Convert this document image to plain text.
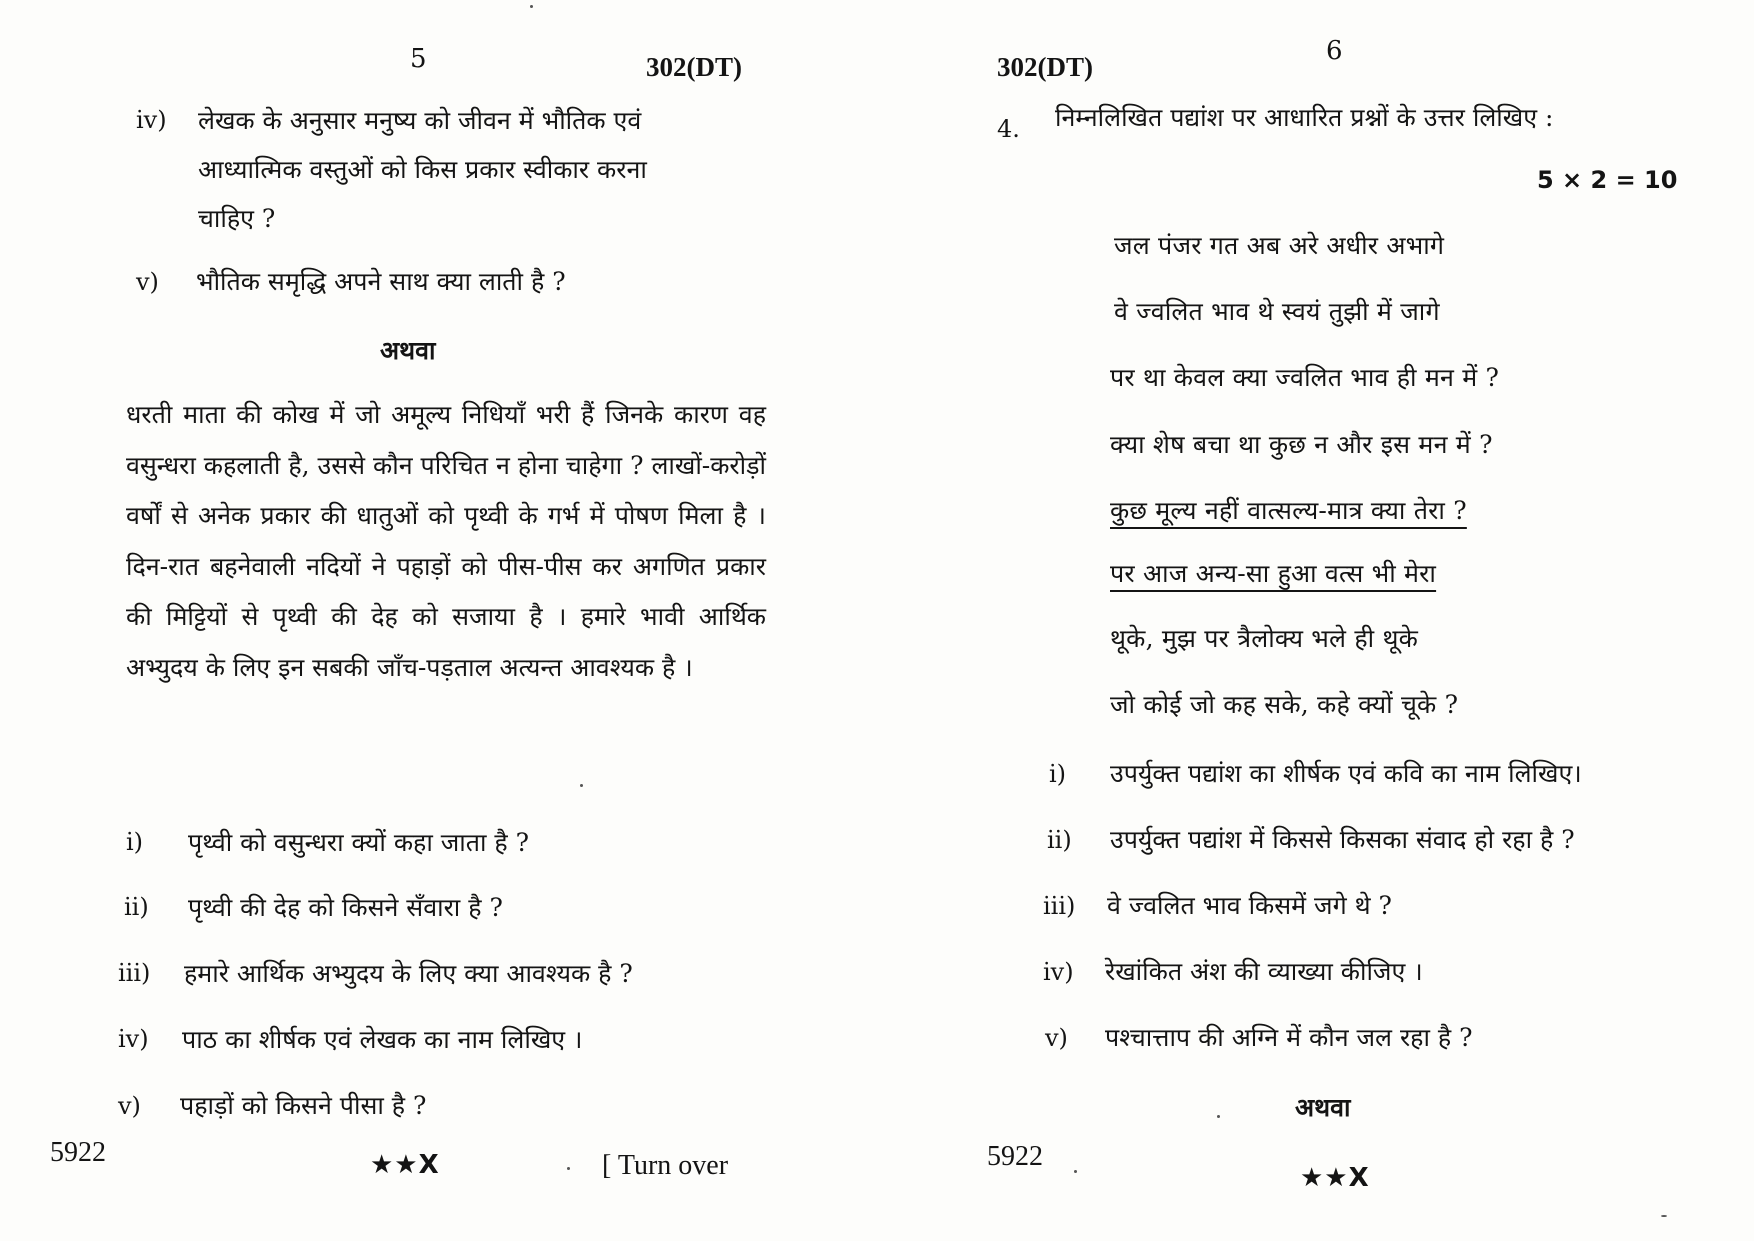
5	302(DT)
iv) लेखक के अनुसार मनुष्य को जीवन में भौतिक एवं
आध्यात्मिक वस्तुओं को किस प्रकार स्वीकार करना
चाहिए ?
v) भौतिक समृद्धि अपने साथ क्या लाती है ?
अथवा
धरती माता की कोख में जो अमूल्य निधियाँ भरी हैं जिनके कारण वह वसुन्धरा कहलाती है, उससे कौन परिचित न होना चाहेगा ? लाखों-करोड़ों वर्षों से अनेक प्रकार की धातुओं को पृथ्वी के गर्भ में पोषण मिला है । दिन-रात बहनेवाली नदियों ने पहाड़ों को पीस-पीस कर अगणित प्रकार की मिट्टियों से पृथ्वी की देह को सजाया है । हमारे भावी आर्थिक अभ्युदय के लिए इन सबकी जाँच-पड़ताल अत्यन्त आवश्यक है ।
i) पृथ्वी को वसुन्धरा क्यों कहा जाता है ?
ii) पृथ्वी की देह को किसने सँवारा है ?
iii) हमारे आर्थिक अभ्युदय के लिए क्या आवश्यक है ?
iv) पाठ का शीर्षक एवं लेखक का नाम लिखिए ।
v) पहाड़ों को किसने पीसा है ?
5922	★★X	[ Turn over
302(DT)
6
4. निम्नलिखित पद्यांश पर आधारित प्रश्नों के उत्तर लिखिए :
5 × 2 = 10
जल पंजर गत अब अरे अधीर अभागे
वे ज्वलित भाव थे स्वयं तुझी में जागे
पर था केवल क्या ज्वलित भाव ही मन में ?
क्या शेष बचा था कुछ न और इस मन में ?
कुछ मूल्य नहीं वात्सल्य-मात्र क्या तेरा ?
पर आज अन्य-सा हुआ वत्स भी मेरा
थूके, मुझ पर त्रैलोक्य भले ही थूके
जो कोई जो कह सके, कहे क्यों चूके ?
i) उपर्युक्त पद्यांश का शीर्षक एवं कवि का नाम लिखिए।
ii) उपर्युक्त पद्यांश में किससे किसका संवाद हो रहा है ?
iii) वे ज्वलित भाव किसमें जगे थे ?
iv) रेखांकित अंश की व्याख्या कीजिए ।
v) पश्चात्ताप की अग्नि में कौन जल रहा है ?
अथवा
5922
★★X
